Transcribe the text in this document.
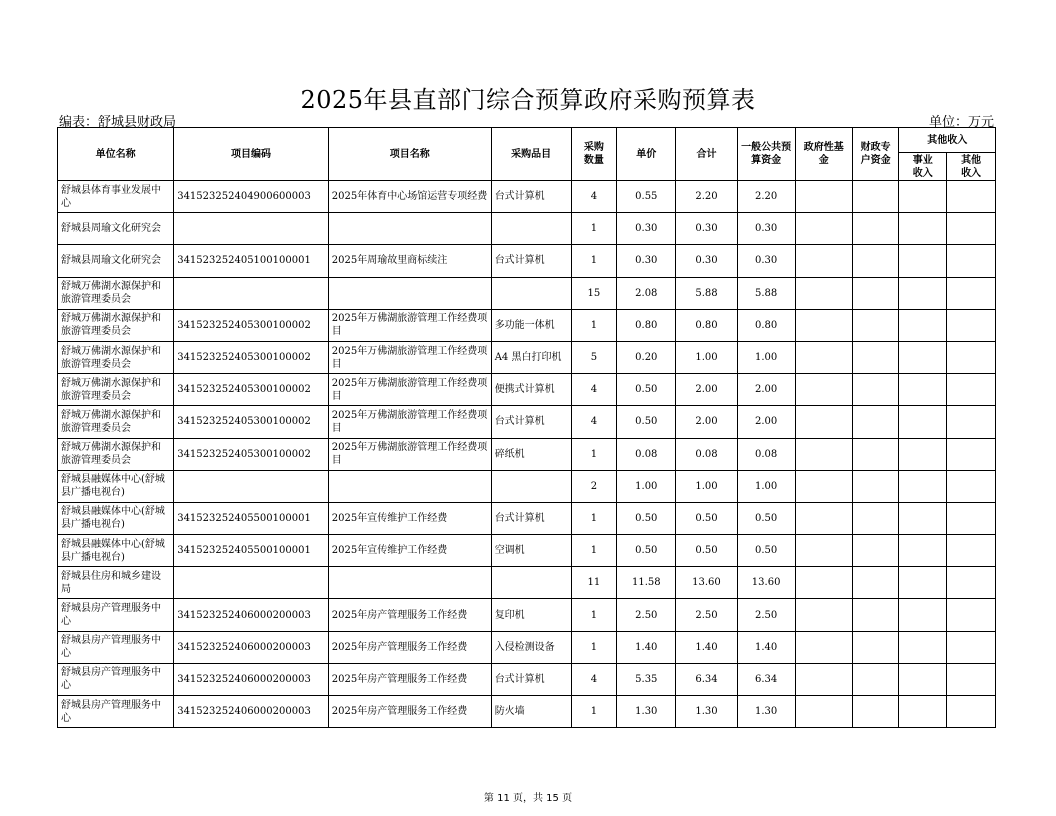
2025年县直部门综合预算政府采购预算表
编表：舒城县财政局	单位：万元
单位名称	项目编码	项目名称	采购品目	采购数量	单价	合计	一般公共预算资金	政府性基金	财政专户资金	其他收入	
										事业收入	其他收入
舒城县体育事业发展中心	341523252404900600003	2025年体育中心场馆运营专项经费	台式计算机	4	0.55	2.20	2.20				
舒城县周瑜文化研究会				1	0.30	0.30	0.30				
舒城县周瑜文化研究会	341523252405100100001	2025年周瑜故里商标续注	台式计算机	1	0.30	0.30	0.30				
舒城万佛湖水源保护和旅游管理委员会				15	2.08	5.88	5.88				
舒城万佛湖水源保护和旅游管理委员会	341523252405300100002	2025年万佛湖旅游管理工作经费项目	多功能一体机	1	0.80	0.80	0.80				
舒城万佛湖水源保护和旅游管理委员会	341523252405300100002	2025年万佛湖旅游管理工作经费项目	A4 黑白打印机	5	0.20	1.00	1.00				
舒城万佛湖水源保护和旅游管理委员会	341523252405300100002	2025年万佛湖旅游管理工作经费项目	便携式计算机	4	0.50	2.00	2.00				
舒城万佛湖水源保护和旅游管理委员会	341523252405300100002	2025年万佛湖旅游管理工作经费项目	台式计算机	4	0.50	2.00	2.00				
舒城万佛湖水源保护和旅游管理委员会	341523252405300100002	2025年万佛湖旅游管理工作经费项目	碎纸机	1	0.08	0.08	0.08				
舒城县融媒体中心(舒城县广播电视台)				2	1.00	1.00	1.00				
舒城县融媒体中心(舒城县广播电视台)	341523252405500100001	2025年宣传维护工作经费	台式计算机	1	0.50	0.50	0.50				
舒城县融媒体中心(舒城县广播电视台)	341523252405500100001	2025年宣传维护工作经费	空调机	1	0.50	0.50	0.50				
舒城县住房和城乡建设局				11	11.58	13.60	13.60				
舒城县房产管理服务中心	341523252406000200003	2025年房产管理服务工作经费	复印机	1	2.50	2.50	2.50				
舒城县房产管理服务中心	341523252406000200003	2025年房产管理服务工作经费	入侵检测设备	1	1.40	1.40	1.40				
舒城县房产管理服务中心	341523252406000200003	2025年房产管理服务工作经费	台式计算机	4	5.35	6.34	6.34				
舒城县房产管理服务中心	341523252406000200003	2025年房产管理服务工作经费	防火墙	1	1.30	1.30	1.30				
第 11 页，共 15 页
